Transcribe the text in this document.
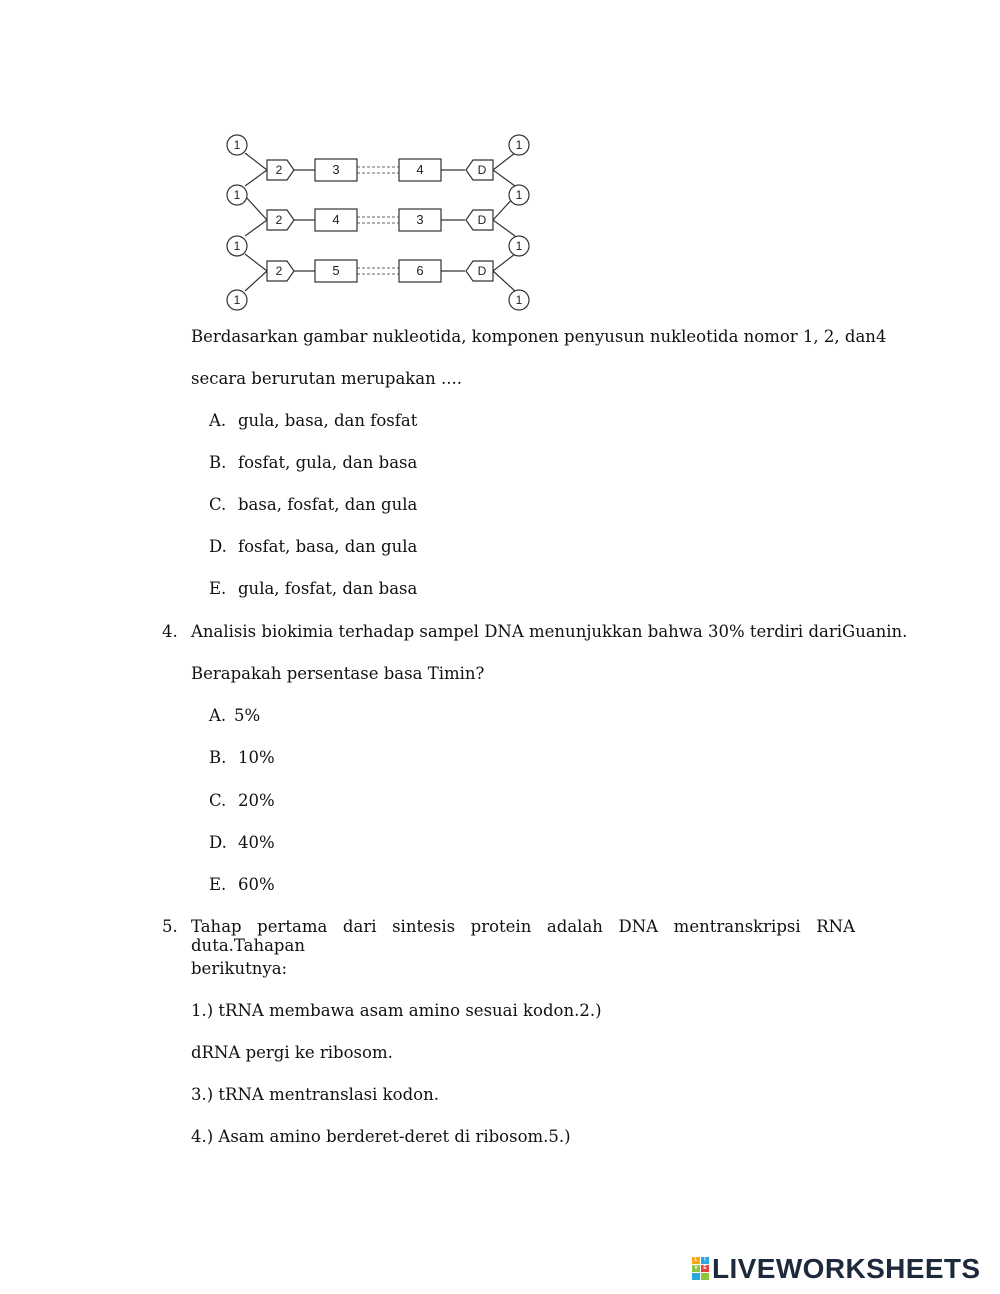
1
1
1
1
1
1
1
1
2
2
2
D
D
D
3	4
4	3
5	6
Berdasarkan gambar nukleotida, komponen penyusun nukleotida nomor 1, 2, dan4
secara berurutan merupakan ....
A. gula, basa, dan fosfat
B. fosfat, gula, dan basa
C. basa, fosfat, dan gula
D. fosfat, basa, dan gula
E. gula, fosfat, dan basa
4. Analisis biokimia terhadap sampel DNA menunjukkan bahwa 30% terdiri dariGuanin.
Berapakah persentase basa Timin?
A. 5%
B. 10%
C. 20%
D. 40%
E. 60%
5. Tahap pertama dari sintesis protein adalah DNA mentranskripsi RNA duta.Tahapan
berikutnya:
1.) tRNA membawa asam amino sesuai kodon.2.)
dRNA pergi ke ribosom.
3.) tRNA mentranslasi kodon.
4.) Asam amino berderet-deret di ribosom.5.)
L	I
V	E LIVEWORKSHEETS
